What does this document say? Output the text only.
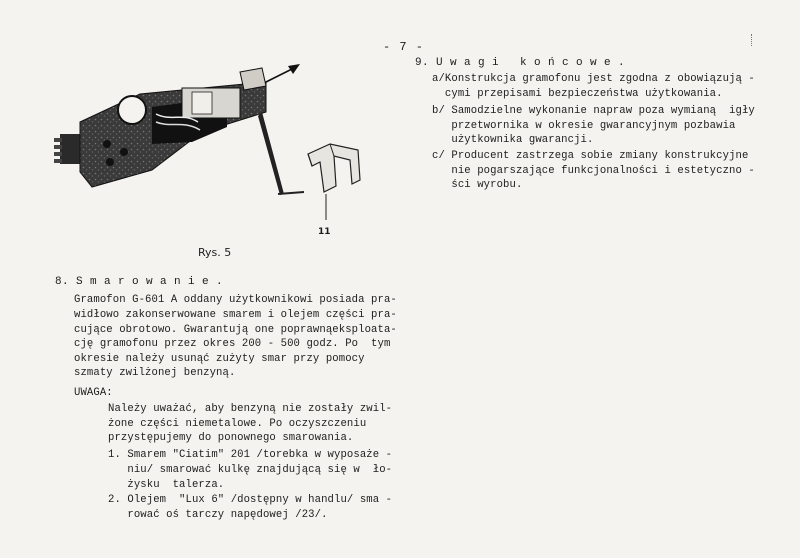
- 7 -
11
Rys. 5
9. U w a g i   k o ń c o w e .
a/Konstrukcja gramofonu jest zgodna z obowiązują -
cymi przepisami bezpieczeństwa użytkowania.
b/ Samodzielne wykonanie napraw poza wymianą  igły
przetwornika w okresie gwarancyjnym pozbawia
użytkownika gwarancji.
c/ Producent zastrzega sobie zmiany konstrukcyjne
nie pogarszające funkcjonalności i estetyczno -
ści wyrobu.
8. S m a r o w a n i e .
Gramofon G-601 A oddany użytkownikowi posiada pra-
widłowo zakonserwowane smarem i olejem części pra-
cujące obrotowo. Gwarantują one poprawnąeksploata-
cję gramofonu przez okres 200 - 500 godz. Po  tym
okresie należy usunąć zużyty smar przy pomocy
szmaty zwilżonej benzyną.
UWAGA:
Należy uważać, aby benzyną nie zostały zwil-
żone części niemetalowe. Po oczyszczeniu
przystępujemy do ponownego smarowania.
1. Smarem "Ciatim" 201 /torebka w wyposaże -
niu/ smarować kulkę znajdującą się w  ło-
żysku  talerza.
2. Olejem  "Lux 6" /dostępny w handlu/ sma -
rować oś tarczy napędowej /23/.
